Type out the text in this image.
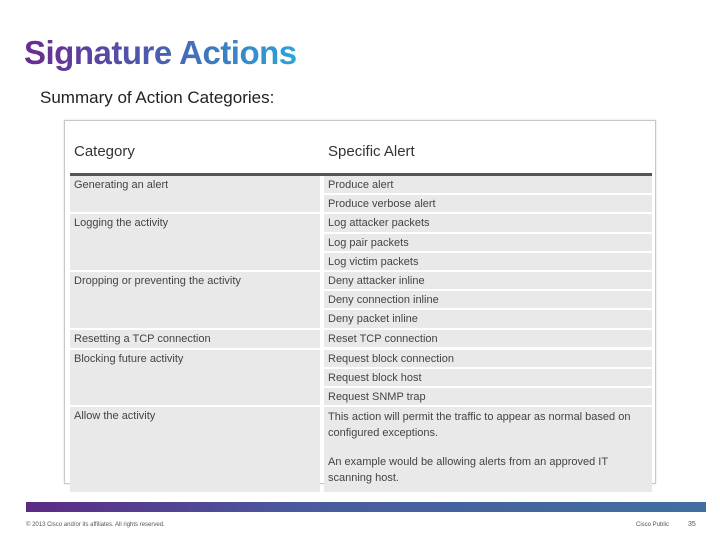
Signature Actions
Summary of Action Categories:
Category	Specific Alert
Generating an alert	Produce alert
Produce verbose alert
Logging the activity	Log attacker packets
Log pair packets
Log victim packets
Dropping or preventing the activity	Deny attacker inline
Deny connection inline
Deny packet inline
Resetting a TCP connection	Reset TCP connection
Blocking future activity	Request block connection
Request block host
Request SNMP trap
Allow the activity	This action will permit the traffic to appear as normal based on configured exceptions.
An example would be allowing alerts from an approved IT scanning host.
© 2013 Cisco and/or its affiliates. All rights reserved.	Cisco Public	35
